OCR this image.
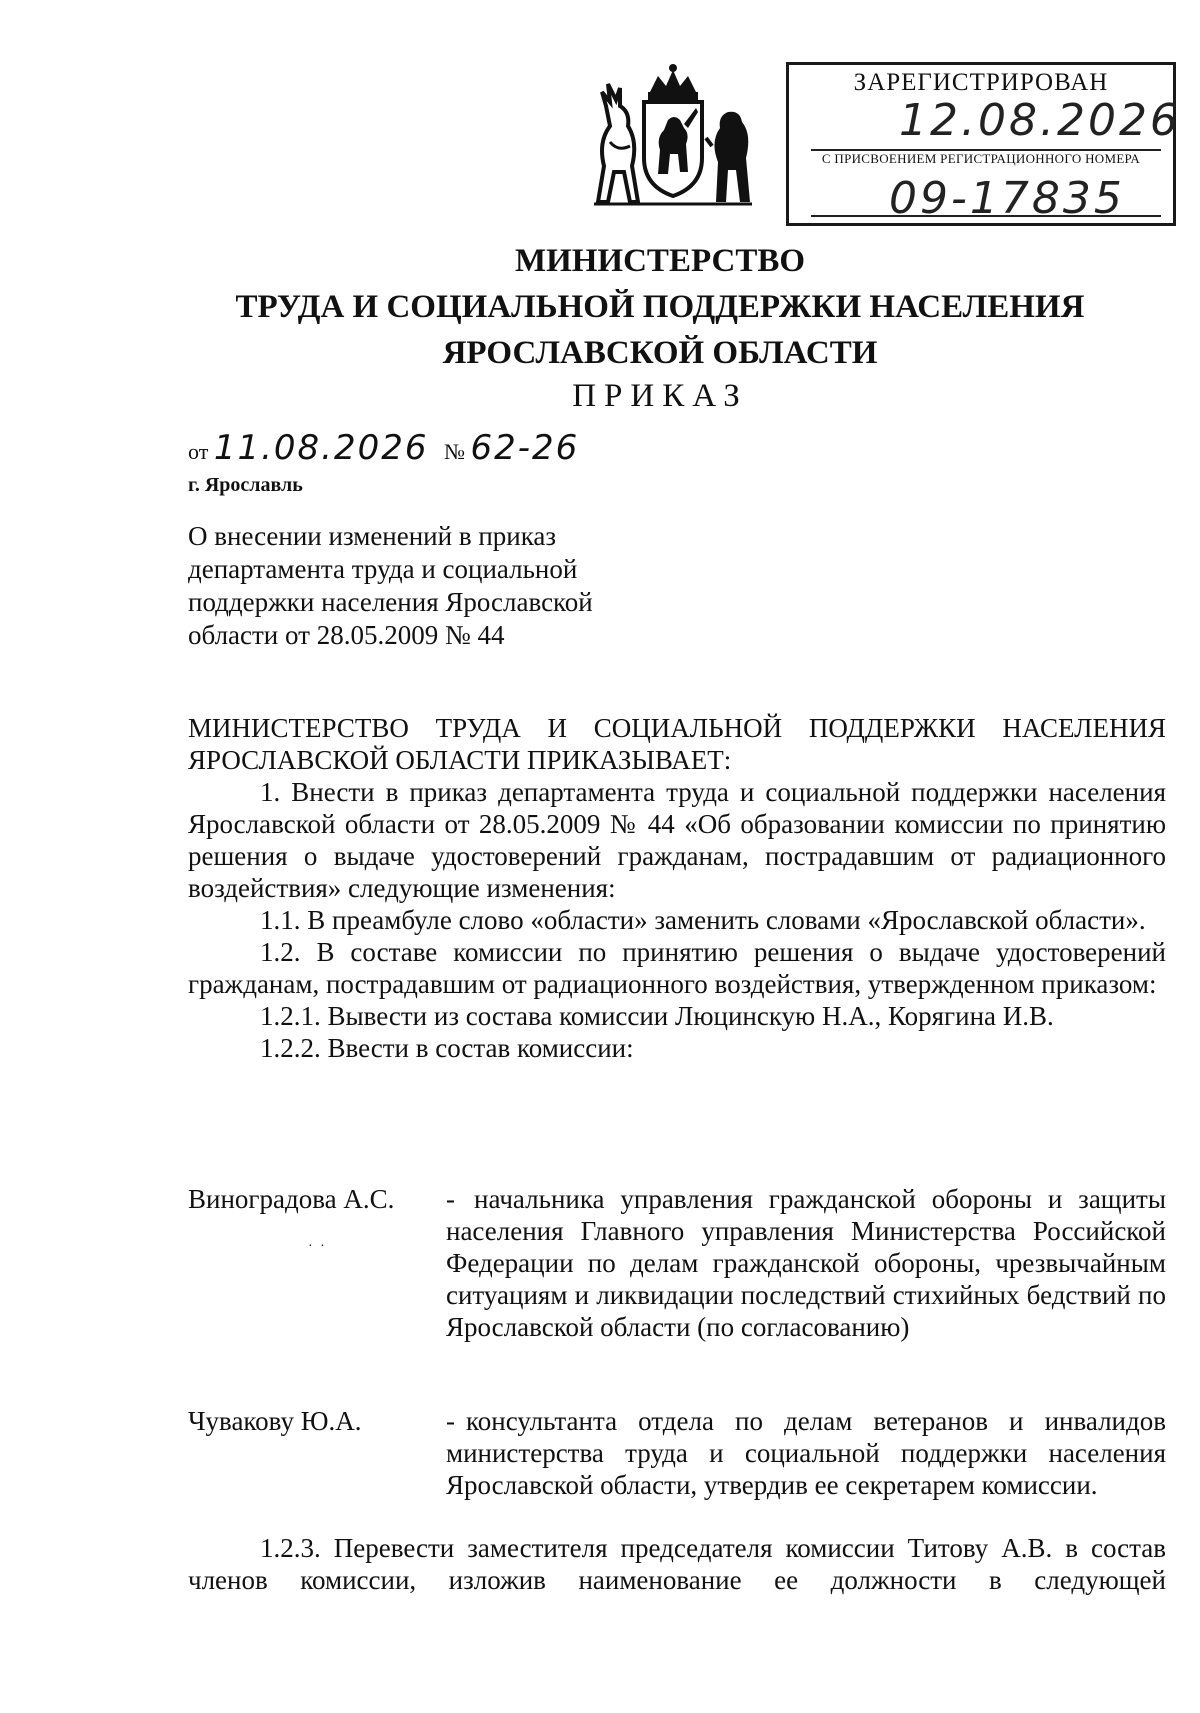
ЗАРЕГИСТРИРОВАН
12.08.2026
С ПРИСВОЕНИЕМ РЕГИСТРАЦИОННОГО НОМЕРА
09-17835
МИНИСТЕРСТВО
ТРУДА И СОЦИАЛЬНОЙ ПОДДЕРЖКИ НАСЕЛЕНИЯ
ЯРОСЛАВСКОЙ ОБЛАСТИ
ПРИКАЗ
от 11.08.2026 № 62-26
г. Ярославль
О внесении изменений в приказ
департамента труда и социальной
поддержки населения Ярославской
области от 28.05.2009 № 44

МИНИСТЕРСТВО ТРУДА И СОЦИАЛЬНОЙ ПОДДЕРЖКИ НАСЕЛЕНИЯ ЯРОСЛАВСКОЙ ОБЛАСТИ ПРИКАЗЫВАЕТ:

1. Внести в приказ департамента труда и социальной поддержки населения Ярославской области от 28.05.2009 № 44 «Об образовании комиссии по принятию решения о выдаче удостоверений гражданам, пострадавшим от радиационного воздействия» следующие изменения:

1.1. В преамбуле слово «области» заменить словами «Ярославской области».

1.2. В составе комиссии по принятию решения о выдаче удостоверений гражданам, пострадавшим от радиационного воздействия, утвержденном приказом:

1.2.1. Вывести из состава комиссии Люцинскую Н.А., Корягина И.В.

1.2.2. Ввести в состав комиссии:

Виноградова А.С. - начальника управления гражданской обороны и защиты населения Главного управления Министерства Российской Федерации по делам гражданской обороны, чрезвычайным ситуациям и ликвидации последствий стихийных бедствий по Ярославской области (по согласованию)
· ·
Чувакову Ю.А.	- консультанта отдела по делам ветеранов и инвалидов министерства труда и социальной поддержки населения Ярославской области, утвердив ее секретарем комиссии.

1.2.3. Перевести заместителя председателя комиссии Титову А.В. в состав членов комиссии, изложив наименование ее должности в следующей
